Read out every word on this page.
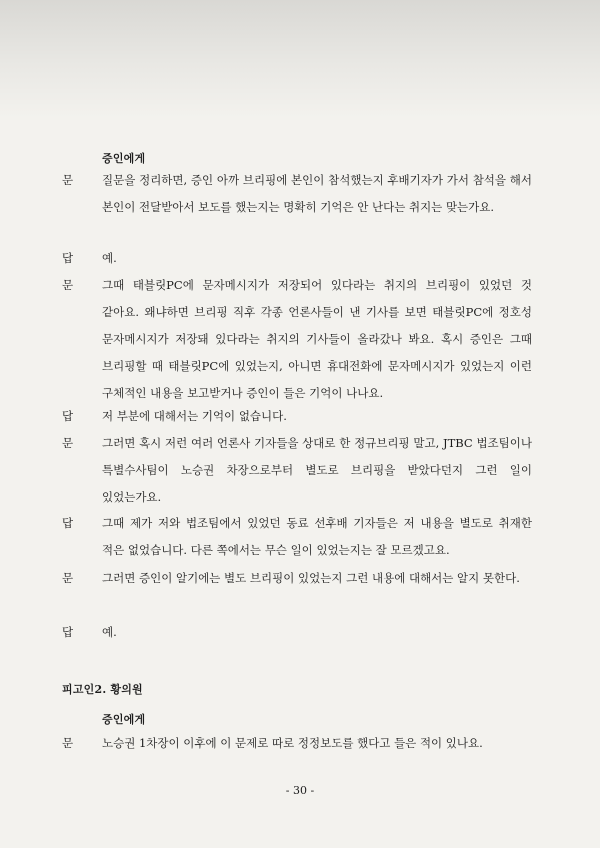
증인에게
문	질문을 정리하면, 증인 아까 브리핑에 본인이 참석했는지 후배기자가 가서 참석을 해서 본인이 전달받아서 보도를 했는지는 명확히 기억은 안 난다는 취지는 맞는가요.
답	예.
문	그때 태블릿PC에 문자메시지가 저장되어 있다라는 취지의 브리핑이 있었던 것 같아요. 왜냐하면 브리핑 직후 각종 언론사들이 낸 기사를 보면 태블릿PC에 정호성 문자메시지가 저장돼 있다라는 취지의 기사들이 올라갔나 봐요. 혹시 증인은 그때 브리핑할 때 태블릿PC에 있었는지, 아니면 휴대전화에 문자메시지가 있었는지 이런 구체적인 내용을 보고받거나 증인이 들은 기억이 나나요.
답	저 부분에 대해서는 기억이 없습니다.
문	그러면 혹시 저런 여러 언론사 기자들을 상대로 한 정규브리핑 말고, JTBC 법조팀이나 특별수사팀이 노승권 차장으로부터 별도로 브리핑을 받았다던지 그런 일이 있었는가요.
답	그때 제가 저와 법조팀에서 있었던 동료 선후배 기자들은 저 내용을 별도로 취재한 적은 없었습니다. 다른 쪽에서는 무슨 일이 있었는지는 잘 모르겠고요.
문	그러면 증인이 알기에는 별도 브리핑이 있었는지 그런 내용에 대해서는 알지 못한다.
답	예.
피고인2. 황의원
증인에게
문	노승권 1차장이 이후에 이 문제로 따로 정정보도를 했다고 들은 적이 있나요.
- 30 -
